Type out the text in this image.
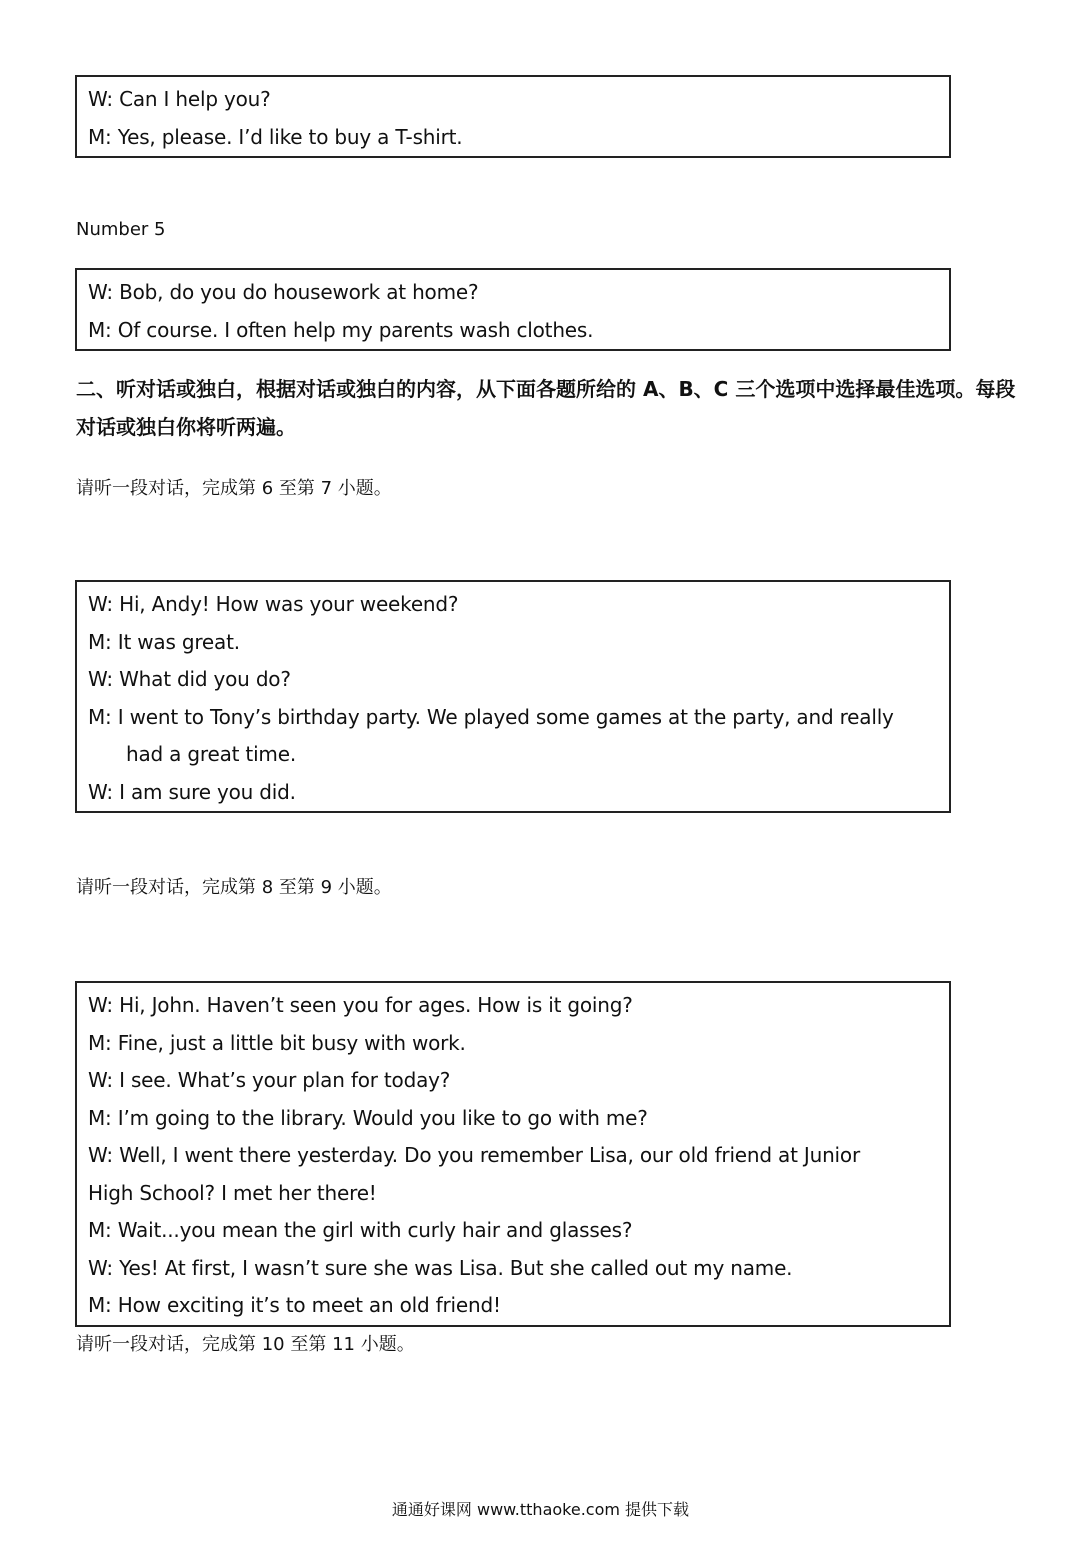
W: Can I help you?
M: Yes, please. I’d like to buy a T-shirt.
Number 5
W: Bob, do you do housework at home?
M: Of course. I often help my parents wash clothes.
二、听对话或独白，根据对话或独白的内容，从下面各题所给的 A、B、C 三个选项中选择最佳选项。每段对话或独白你将听两遍。
请听一段对话，完成第 6 至第 7 小题。
W: Hi, Andy! How was your weekend?
M: It was great.
W: What did you do?
M: I went to Tony’s birthday party. We played some games at the party, and really
had a great time.
W: I am sure you did.
请听一段对话，完成第 8 至第 9 小题。
W: Hi, John. Haven’t seen you for ages. How is it going?
M: Fine, just a little bit busy with work.
W: I see. What’s your plan for today?
M: I’m going to the library. Would you like to go with me?
W: Well, I went there yesterday. Do you remember Lisa, our old friend at Junior
High School? I met her there!
M: Wait...you mean the girl with curly hair and glasses?
W: Yes! At first, I wasn’t sure she was Lisa. But she called out my name.
M: How exciting it’s to meet an old friend!
请听一段对话，完成第 10 至第 11 小题。
通通好课网 www.tthaoke.com 提供下载
